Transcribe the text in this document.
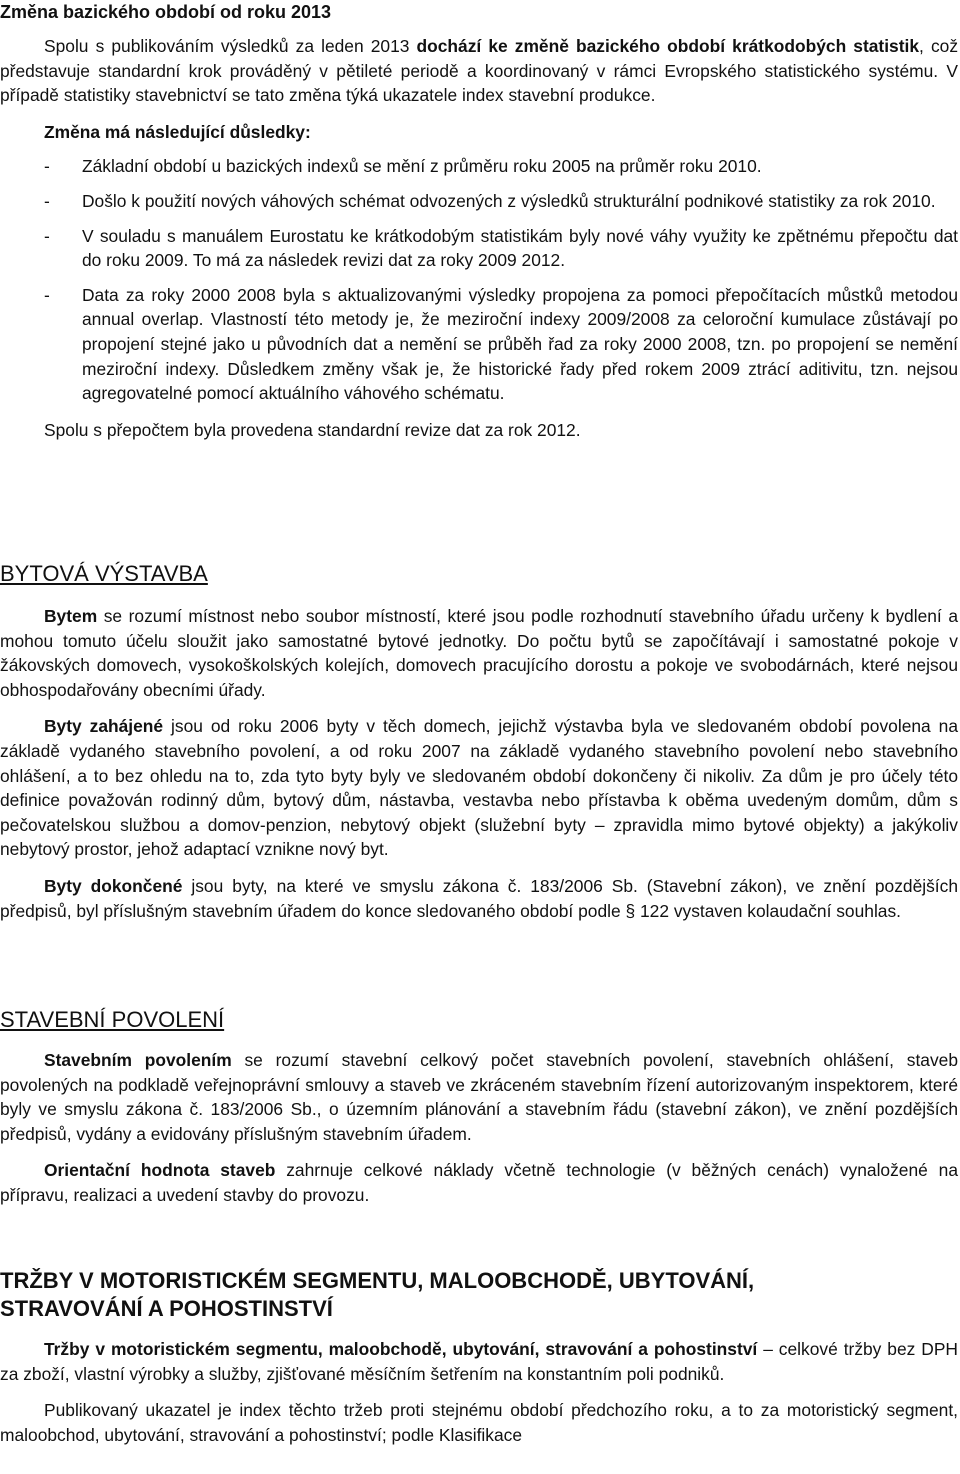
Změna bazického období od roku 2013

Spolu s publikováním výsledků za leden 2013 dochází ke změně bazického období krátkodobých statistik, což představuje standardní krok prováděný v pětileté periodě a koordinovaný v rámci Evropského statistického systému. V případě statistiky stavebnictví se tato změna týká ukazatele index stavební produkce.

Změna má následující důsledky:

- Základní období u bazických indexů se mění z průměru roku 2005 na průměr roku 2010.
- Došlo k použití nových váhových schémat odvozených z výsledků strukturální podnikové statistiky za rok 2010.
- V souladu s manuálem Eurostatu ke krátkodobým statistikám byly nové váhy využity ke zpětnému přepočtu dat do roku 2009. To má za následek revizi dat za roky 2009 2012.
- Data za roky 2000 2008 byla s aktualizovanými výsledky propojena za pomoci přepočítacích můstků metodou annual overlap. Vlastností této metody je, že meziroční indexy 2009/2008 za celoroční kumulace zůstávají po propojení stejné jako u původních dat a nemění se průběh řad za roky 2000 2008, tzn. po propojení se nemění meziroční indexy. Důsledkem změny však je, že historické řady před rokem 2009 ztrácí aditivitu, tzn. nejsou agregovatelné pomocí aktuálního váhového schématu.

Spolu s přepočtem byla provedena standardní revize dat za rok 2012.

BYTOVÁ VÝSTAVBA

Bytem se rozumí místnost nebo soubor místností, které jsou podle rozhodnutí stavebního úřadu určeny k bydlení a mohou tomuto účelu sloužit jako samostatné bytové jednotky. Do počtu bytů se započítávají i samostatné pokoje v žákovských domovech, vysokoškolských kolejích, domovech pracujícího dorostu a pokoje ve svobodárnách, které nejsou obhospodařovány obecními úřady.

Byty zahájené jsou od roku 2006 byty v těch domech, jejichž výstavba byla ve sledovaném období povolena na základě vydaného stavebního povolení, a od roku 2007 na základě vydaného stavebního povolení nebo stavebního ohlášení, a to bez ohledu na to, zda tyto byty byly ve sledovaném období dokončeny či nikoliv. Za dům je pro účely této definice považován rodinný dům, bytový dům, nástavba, vestavba nebo přístavba k oběma uvedeným domům, dům s pečovatelskou službou a domov-penzion, nebytový objekt (služební byty – zpravidla mimo bytové objekty) a jakýkoliv nebytový prostor, jehož adaptací vznikne nový byt.

Byty dokončené jsou byty, na které ve smyslu zákona č. 183/2006 Sb. (Stavební zákon), ve znění pozdějších předpisů, byl příslušným stavebním úřadem do konce sledovaného období podle § 122 vystaven kolaudační souhlas.

STAVEBNÍ POVOLENÍ

Stavebním povolením se rozumí stavební celkový počet stavebních povolení, stavebních ohlášení, staveb povolených na podkladě veřejnoprávní smlouvy a staveb ve zkráceném stavebním řízení autorizovaným inspektorem, které byly ve smyslu zákona č. 183/2006 Sb., o územním plánování a stavebním řádu (stavební zákon), ve znění pozdějších předpisů, vydány a evidovány příslušným stavebním úřadem.

Orientační hodnota staveb zahrnuje celkové náklady včetně technologie (v běžných cenách) vynaložené na přípravu, realizaci a uvedení stavby do provozu.

TRŽBY V MOTORISTICKÉM SEGMENTU, MALOOBCHODĚ, UBYTOVÁNÍ,
STRAVOVÁNÍ A POHOSTINSTVÍ

Tržby v motoristickém segmentu, maloobchodě, ubytování, stravování a pohostinství – celkové tržby bez DPH za zboží, vlastní výrobky a služby, zjišťované měsíčním šetřením na konstantním poli podniků.

Publikovaný ukazatel je index těchto tržeb proti stejnému období předchozího roku, a to za motoristický segment, maloobchod, ubytování, stravování a pohostinství; podle Klasifikace
